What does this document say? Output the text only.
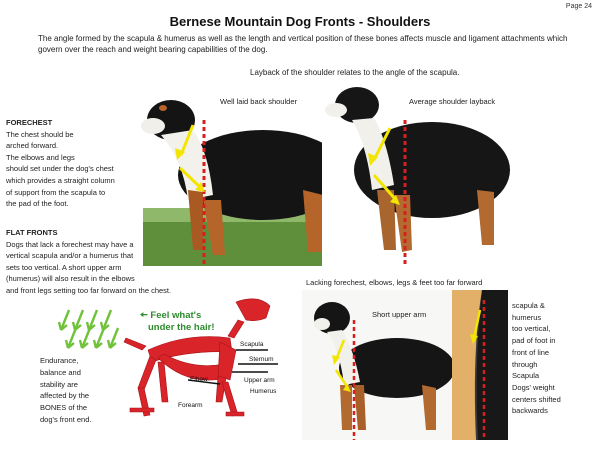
Page 24
Bernese Mountain Dog Fronts - Shoulders
The angle formed by the scapula & humerus as well as the length and vertical position of these bones affects muscle and ligament attachments which govern over the reach and weight bearing capabilities of the dog.
Layback of the shoulder relates to the angle of the scapula.
Well laid back shoulder	Average shoulder layback
FORECHEST
The chest should be
arched forward.
The elbows and legs
should set under the dog's chest
which provides a straight column
of support from the scapula to
the pad of the foot.
FLAT FRONTS
Dogs that lack a forechest may have a
vertical scapula and/or a humerus that
sets too vertical. A short upper arm
(humerus) will also result in the elbows
and front legs setting too far forward on the chest.
🠤 Feel what's
under the hair!
Endurance,
balance and
stability are
affected by the
BONES of the
dog's front end.
Scapula
Sternum
Elbow	Upper arm
Humerus
Forearm
Lacking forechest, elbows, legs & feet too far forward
Short upper arm
scapula &
humerus
too vertical,
pad of foot in
front of line
through
Scapula
Dogs' weight
centers shifted
backwards
